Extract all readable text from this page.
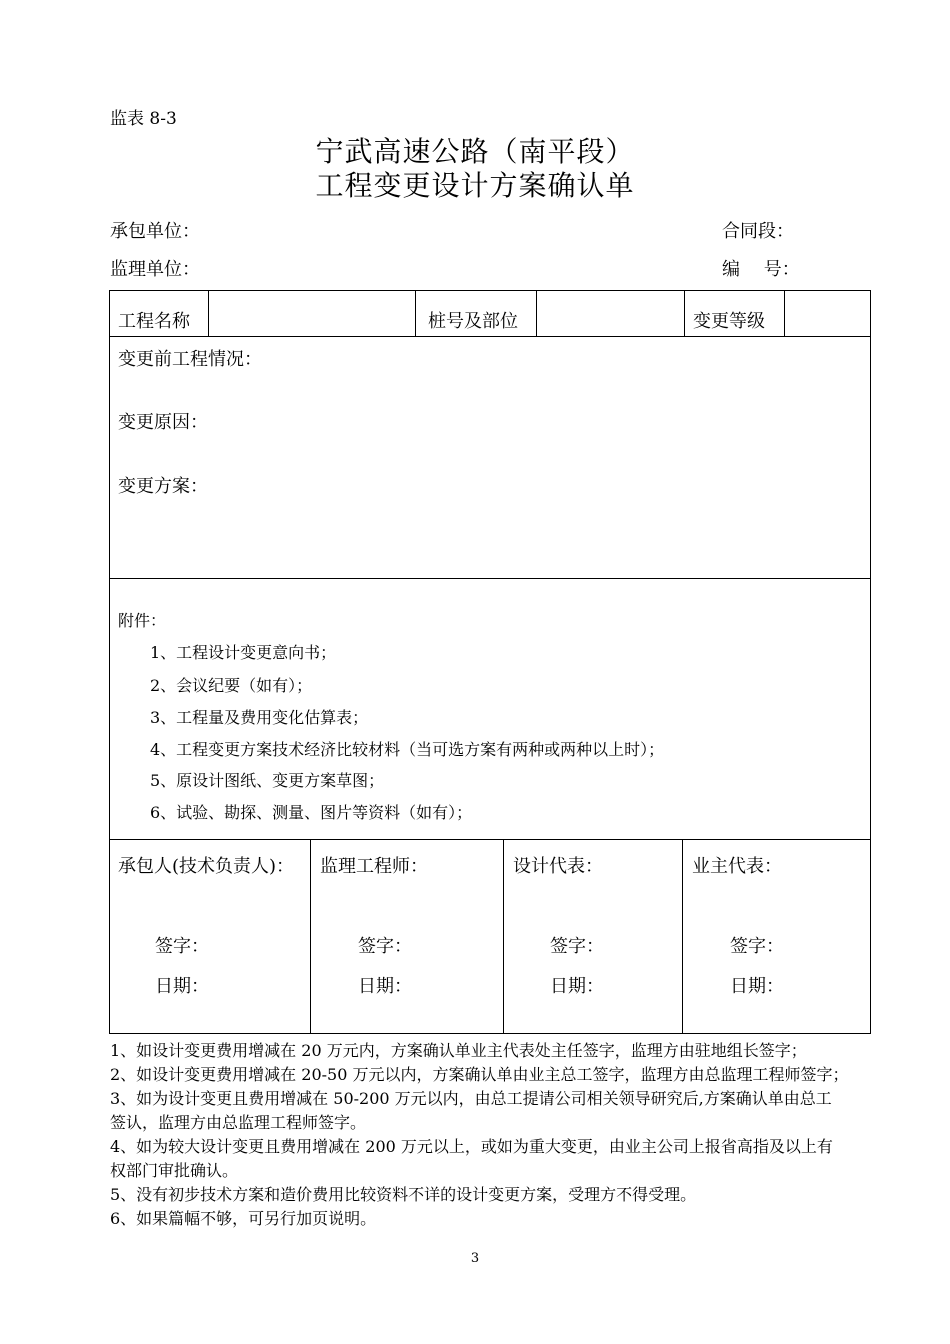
监表 8-3
宁武高速公路（南平段）
工程变更设计方案确认单
承包单位：	合同段：
监理单位：	编　 号：
工程名称	桩号及部位	变更等级
变更前工程情况：
变更原因：
变更方案：
附件：
1、工程设计变更意向书；
2、会议纪要（如有）；
3、工程量及费用变化估算表；
4、工程变更方案技术经济比较材料（当可选方案有两种或两种以上时）；
5、原设计图纸、变更方案草图；
6、试验、勘探、测量、图片等资料（如有）；
承包人(技术负责人)：
签字：
日期：
监理工程师：
签字：
日期：
设计代表：
签字：
日期：
业主代表：
签字：
日期：
1、如设计变更费用增减在 20 万元内，方案确认单业主代表处主任签字，监理方由驻地组长签字；
2、如设计变更费用增减在 20-50 万元以内，方案确认单由业主总工签字，监理方由总监理工程师签字；
3、如为设计变更且费用增减在 50-200 万元以内，由总工提请公司相关领导研究后,方案确认单由总工
签认，监理方由总监理工程师签字。
4、如为较大设计变更且费用增减在 200 万元以上，或如为重大变更，由业主公司上报省高指及以上有
权部门审批确认。
5、没有初步技术方案和造价费用比较资料不详的设计变更方案，受理方不得受理。
6、如果篇幅不够，可另行加页说明。
3
